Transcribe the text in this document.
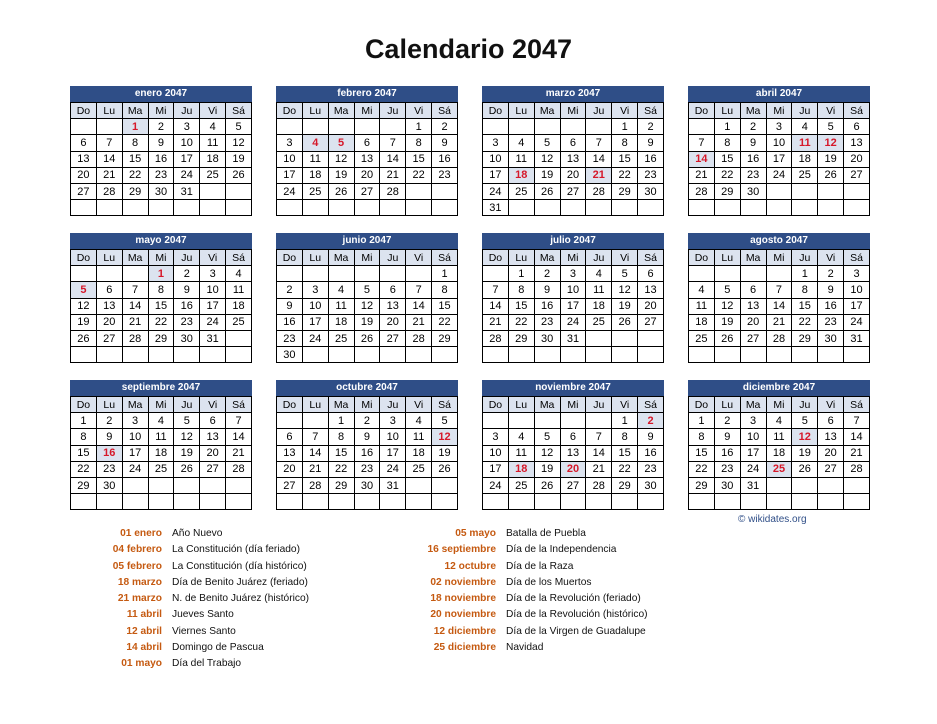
Calendario 2047
enero 2047
Do	Lu	Ma	Mi	Ju	Vi	Sá
		1	2	3	4	5
6	7	8	9	10	11	12
13	14	15	16	17	18	19
20	21	22	23	24	25	26
27	28	29	30	31		

febrero 2047
Do	Lu	Ma	Mi	Ju	Vi	Sá
					1	2
3	4	5	6	7	8	9
10	11	12	13	14	15	16
17	18	19	20	21	22	23
24	25	26	27	28		

marzo 2047
Do	Lu	Ma	Mi	Ju	Vi	Sá
					1	2
3	4	5	6	7	8	9
10	11	12	13	14	15	16
17	18	19	20	21	22	23
24	25	26	27	28	29	30
31						
abril 2047
Do	Lu	Ma	Mi	Ju	Vi	Sá
	1	2	3	4	5	6
7	8	9	10	11	12	13
14	15	16	17	18	19	20
21	22	23	24	25	26	27
28	29	30				

mayo 2047
Do	Lu	Ma	Mi	Ju	Vi	Sá
			1	2	3	4
5	6	7	8	9	10	11
12	13	14	15	16	17	18
19	20	21	22	23	24	25
26	27	28	29	30	31	

junio 2047
Do	Lu	Ma	Mi	Ju	Vi	Sá
						1
2	3	4	5	6	7	8
9	10	11	12	13	14	15
16	17	18	19	20	21	22
23	24	25	26	27	28	29
30						
julio 2047
Do	Lu	Ma	Mi	Ju	Vi	Sá
	1	2	3	4	5	6
7	8	9	10	11	12	13
14	15	16	17	18	19	20
21	22	23	24	25	26	27
28	29	30	31			

agosto 2047
Do	Lu	Ma	Mi	Ju	Vi	Sá
				1	2	3
4	5	6	7	8	9	10
11	12	13	14	15	16	17
18	19	20	21	22	23	24
25	26	27	28	29	30	31

septiembre 2047
Do	Lu	Ma	Mi	Ju	Vi	Sá
1	2	3	4	5	6	7
8	9	10	11	12	13	14
15	16	17	18	19	20	21
22	23	24	25	26	27	28
29	30					

octubre 2047
Do	Lu	Ma	Mi	Ju	Vi	Sá
		1	2	3	4	5
6	7	8	9	10	11	12
13	14	15	16	17	18	19
20	21	22	23	24	25	26
27	28	29	30	31		

noviembre 2047
Do	Lu	Ma	Mi	Ju	Vi	Sá
					1	2
3	4	5	6	7	8	9
10	11	12	13	14	15	16
17	18	19	20	21	22	23
24	25	26	27	28	29	30

diciembre 2047
Do	Lu	Ma	Mi	Ju	Vi	Sá
1	2	3	4	5	6	7
8	9	10	11	12	13	14
15	16	17	18	19	20	21
22	23	24	25	26	27	28
29	30	31				

© wikidates.org
01 enero Año Nuevo
04 febrero La Constitución (día feriado)
05 febrero La Constitución (día histórico)
18 marzo Día de Benito Juárez (feriado)
21 marzo N. de Benito Juárez (histórico)
11 abril Jueves Santo
12 abril Viernes Santo
14 abril Domingo de Pascua
01 mayo Día del Trabajo
05 mayo Batalla de Puebla
16 septiembre Día de la Independencia
12 octubre Día de la Raza
02 noviembre Día de los Muertos
18 noviembre Día de la Revolución (feriado)
20 noviembre Día de la Revolución (histórico)
12 diciembre Día de la Virgen de Guadalupe
25 diciembre Navidad
